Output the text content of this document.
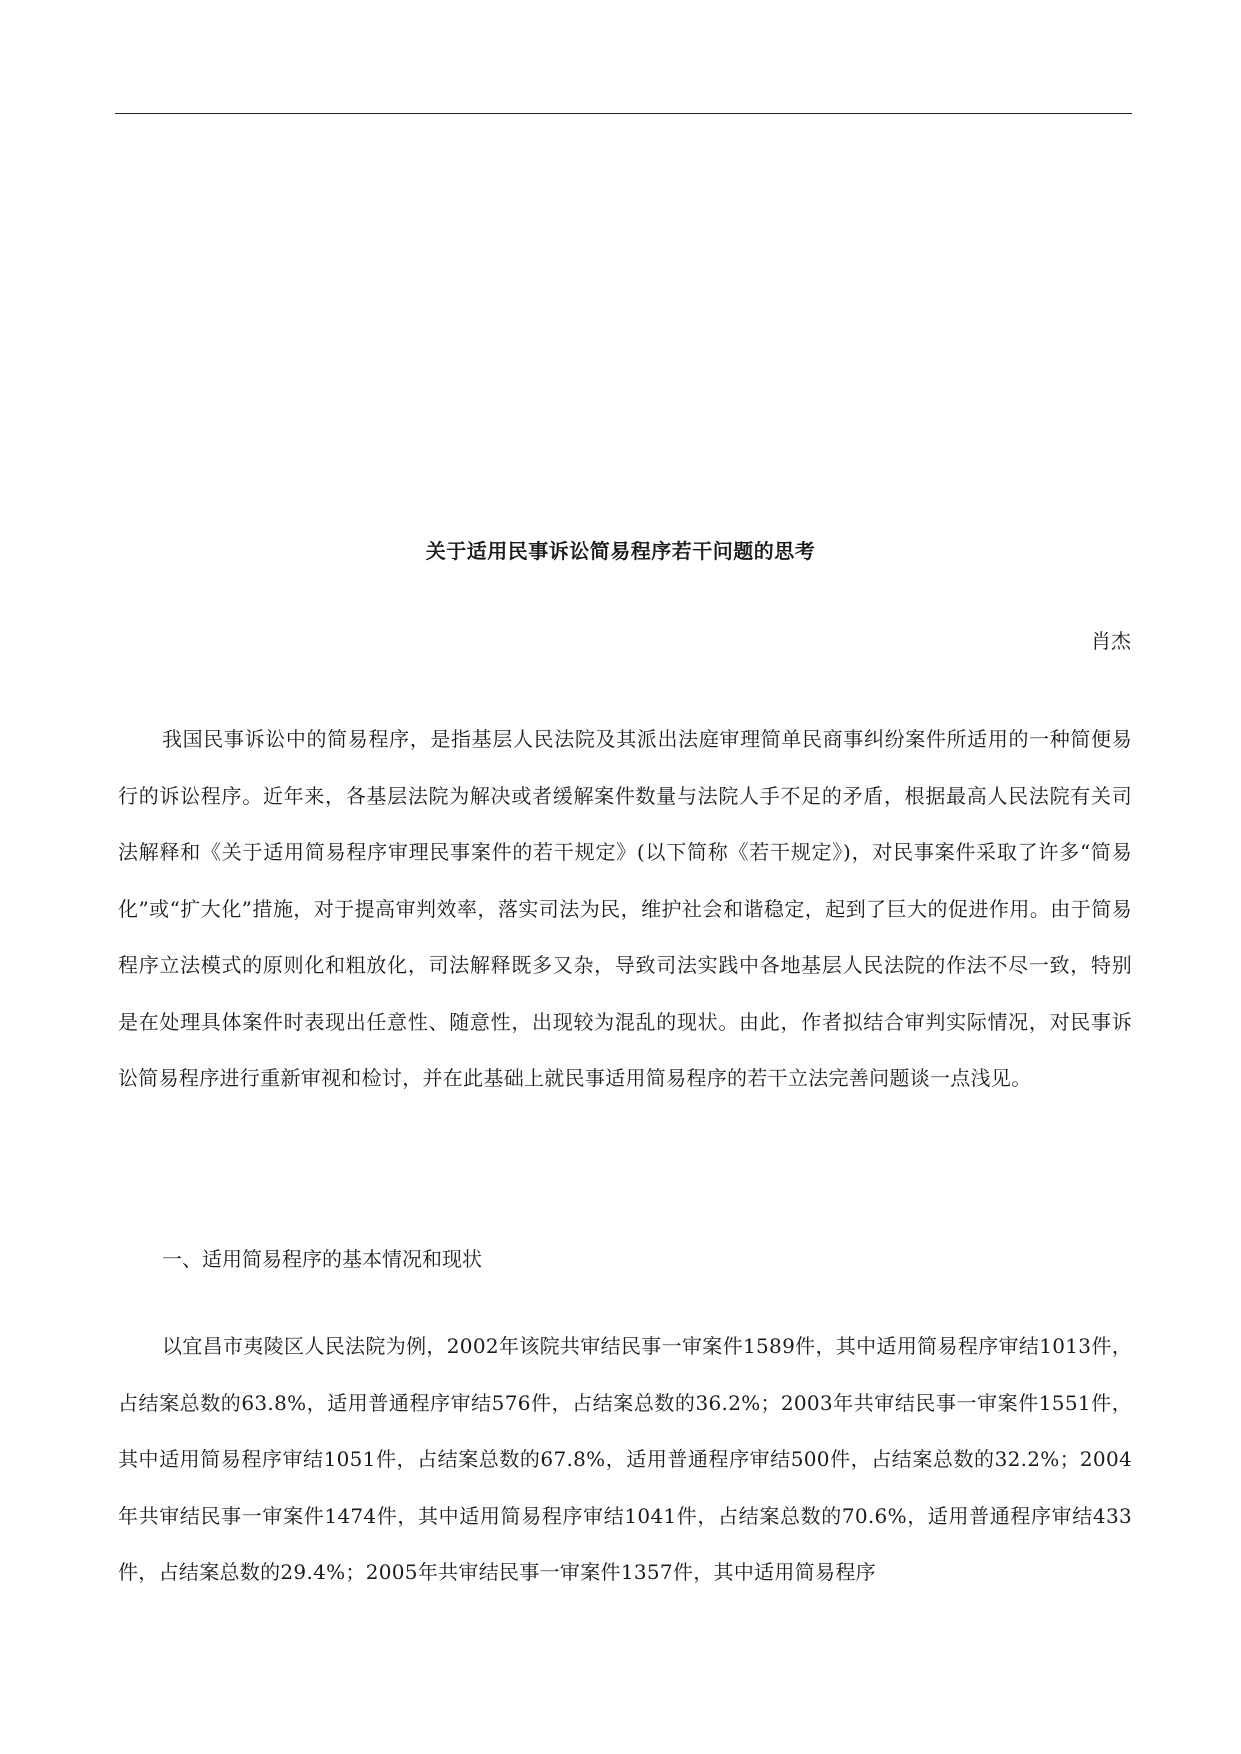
关于适用民事诉讼简易程序若干问题的思考
肖杰

我国民事诉讼中的简易程序，是指基层人民法院及其派出法庭审理简单民商事纠纷案件所适用的一种简便易行的诉讼程序。近年来，各基层法院为解决或者缓解案件数量与法院人手不足的矛盾，根据最高人民法院有关司法解释和《关于适用简易程序审理民事案件的若干规定》(以下简称《若干规定》)，对民事案件采取了许多“简易化”或“扩大化”措施，对于提高审判效率，落实司法为民，维护社会和谐稳定，起到了巨大的促进作用。由于简易程序立法模式的原则化和粗放化，司法解释既多又杂，导致司法实践中各地基层人民法院的作法不尽一致，特别是在处理具体案件时表现出任意性、随意性，出现较为混乱的现状。由此，作者拟结合审判实际情况，对民事诉讼简易程序进行重新审视和检讨，并在此基础上就民事适用简易程序的若干立法完善问题谈一点浅见。

一、适用简易程序的基本情况和现状

以宜昌市夷陵区人民法院为例，2002年该院共审结民事一审案件1589件，其中适用简易程序审结1013件，占结案总数的63.8%，适用普通程序审结576件，占结案总数的36.2%；2003年共审结民事一审案件1551件，其中适用简易程序审结1051件，占结案总数的67.8%，适用普通程序审结500件，占结案总数的32.2%；2004年共审结民事一审案件1474件，其中适用简易程序审结1041件，占结案总数的70.6%，适用普通程序审结433件，占结案总数的29.4%；2005年共审结民事一审案件1357件，其中适用简易程序
